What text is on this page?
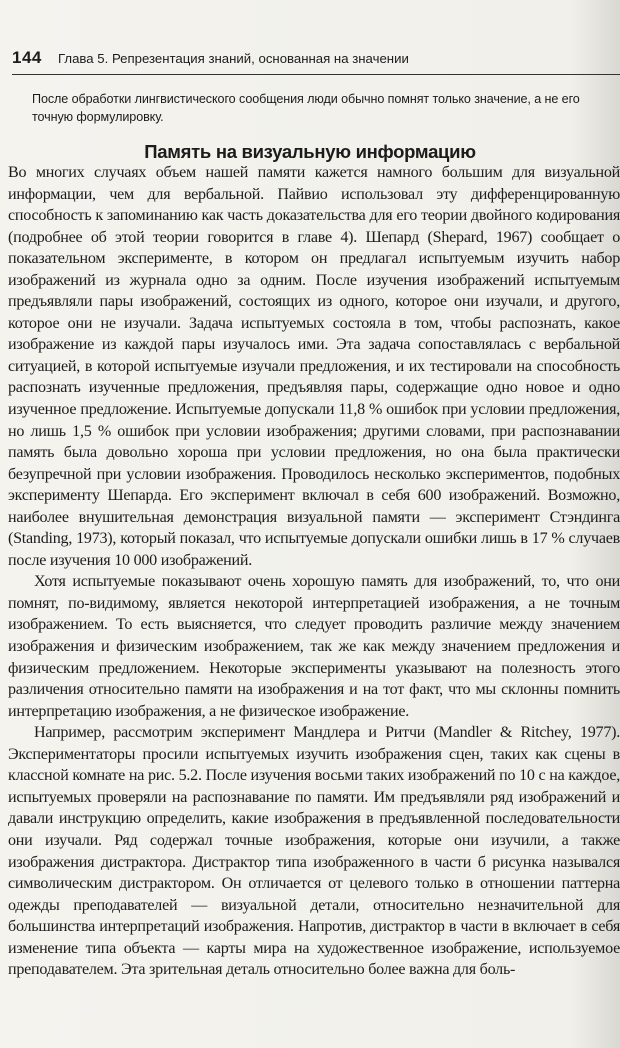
144 Глава 5. Репрезентация знаний, основанная на значении
После обработки лингвистического сообщения люди обычно помнят только значение, а не его точную формулировку.
Память на визуальную информацию

Во многих случаях объем нашей памяти кажется намного большим для визуальной информации, чем для вербальной. Пайвио использовал эту дифференцированную способность к запоминанию как часть доказательства для его теории двойного кодирования (подробнее об этой теории говорится в главе 4). Шепард (Shepard, 1967) сообщает о показательном эксперименте, в котором он предлагал испытуемым изучить набор изображений из журнала одно за одним. После изучения изображений испытуемым предъявляли пары изображений, состоящих из одного, которое они изучали, и другого, которое они не изучали. Задача испытуемых состояла в том, чтобы распознать, какое изображение из каждой пары изучалось ими. Эта задача сопоставлялась с вербальной ситуацией, в которой испытуемые изучали предложения, и их тестировали на способность распознать изученные предложения, предъявляя пары, содержащие одно новое и одно изученное предложение. Испытуемые допускали 11,8 % ошибок при условии предложения, но лишь 1,5 % ошибок при условии изображения; другими словами, при распознавании память была довольно хороша при условии предложения, но она была практически безупречной при условии изображения. Проводилось несколько экспериментов, подобных эксперименту Шепарда. Его эксперимент включал в себя 600 изображений. Возможно, наиболее внушительная демонстрация визуальной памяти — эксперимент Стэндинга (Standing, 1973), который показал, что испытуемые допускали ошибки лишь в 17 % случаев после изучения 10 000 изображений.

Хотя испытуемые показывают очень хорошую память для изображений, то, что они помнят, по-видимому, является некоторой интерпретацией изображения, а не точным изображением. То есть выясняется, что следует проводить различие между значением изображения и физическим изображением, так же как между значением предложения и физическим предложением. Некоторые эксперименты указывают на полезность этого различения относительно памяти на изображения и на тот факт, что мы склонны помнить интерпретацию изображения, а не физическое изображение.

Например, рассмотрим эксперимент Мандлера и Ритчи (Mandler & Ritchey, 1977). Экспериментаторы просили испытуемых изучить изображения сцен, таких как сцены в классной комнате на рис. 5.2. После изучения восьми таких изображений по 10 с на каждое, испытуемых проверяли на распознавание по памяти. Им предъявляли ряд изображений и давали инструкцию определить, какие изображения в предъявленной последовательности они изучали. Ряд содержал точные изображения, которые они изучили, а также изображения дистрактора. Дистрактор типа изображенного в части б рисунка назывался символическим дистрактором. Он отличается от целевого только в отношении паттерна одежды преподавателей — визуальной детали, относительно незначительной для большинства интерпретаций изображения. Напротив, дистрактор в части в включает в себя изменение типа объекта — карты мира на художественное изображение, используемое преподавателем. Эта зрительная деталь относительно более важна для боль-
